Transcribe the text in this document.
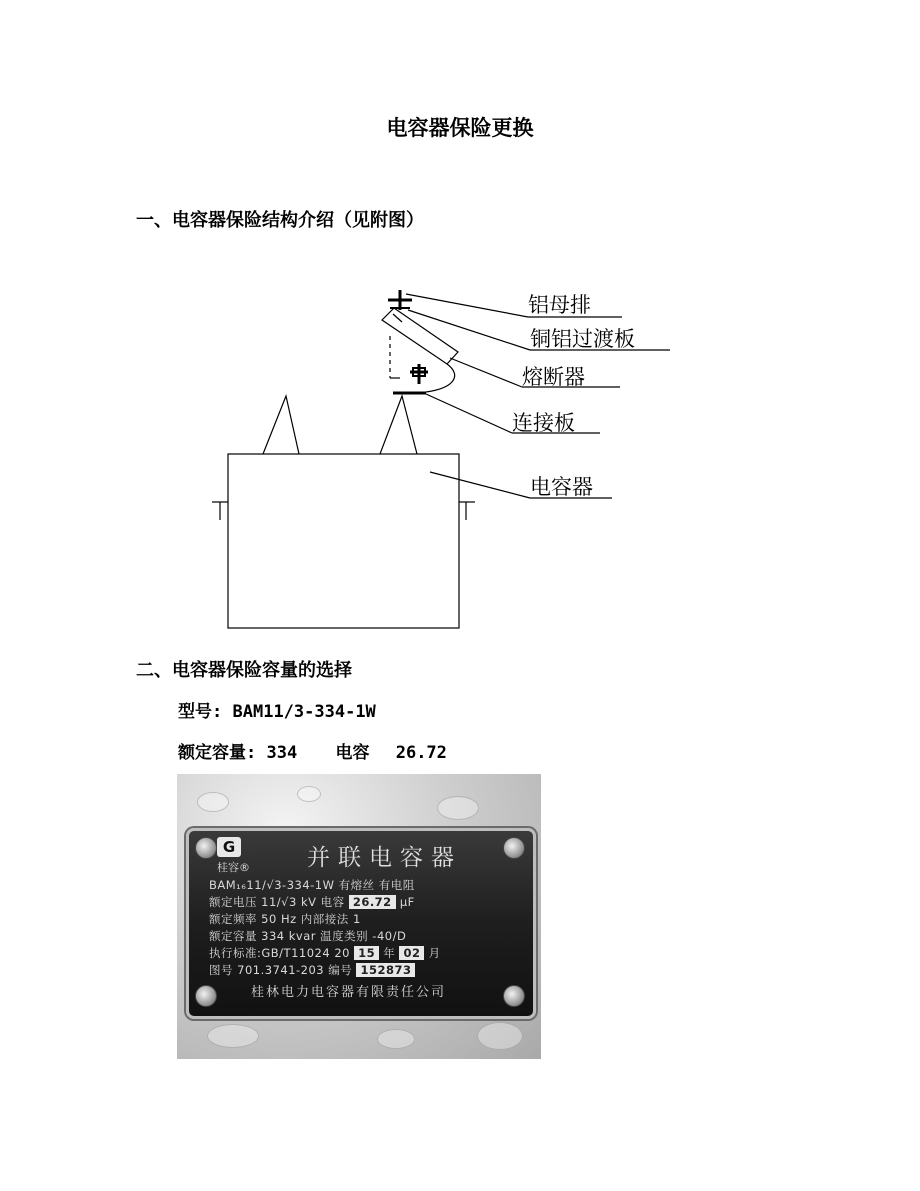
电容器保险更换
一、电容器保险结构介绍（见附图）
铝母排
铜铝过渡板
熔断器
连接板
电容器
二、电容器保险容量的选择
型号: BAM11/3-334-1W
额定容量: 334 电容 26.72
G
桂容® 并联电容器
BAM₁₆11/√3-334-1W 有熔丝 有电阻
额定电压 11/√3 kV 电容 26.72 μF
额定频率 50 Hz 内部接法 1
额定容量 334 kvar 温度类别 -40/D
执行标准:GB/T11024 20 15 年 02 月
图号 701.3741-203 编号 152873
桂林电力电容器有限责任公司
